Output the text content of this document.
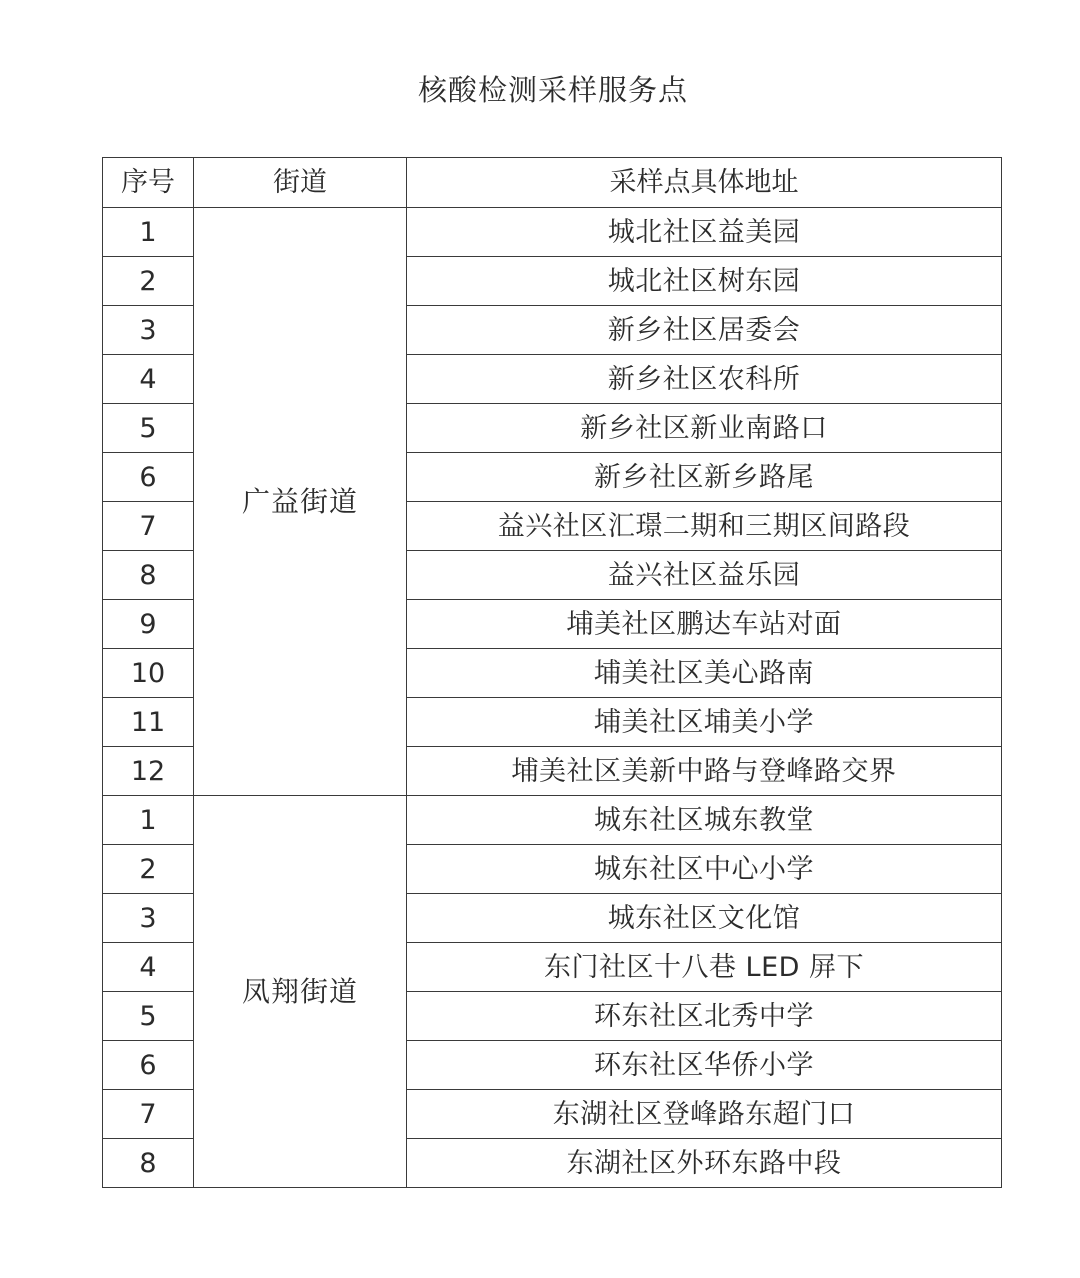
核酸检测采样服务点
序号	街道	采样点具体地址
1	广益街道	城北社区益美园
2		城北社区树东园
3		新乡社区居委会
4		新乡社区农科所
5		新乡社区新业南路口
6		新乡社区新乡路尾
7		益兴社区汇璟二期和三期区间路段
8		益兴社区益乐园
9		埔美社区鹏达车站对面
10		埔美社区美心路南
11		埔美社区埔美小学
12		埔美社区美新中路与登峰路交界
1	凤翔街道	城东社区城东教堂
2		城东社区中心小学
3		城东社区文化馆
4		东门社区十八巷 LED 屏下
5		环东社区北秀中学
6		环东社区华侨小学
7		东湖社区登峰路东超门口
8		东湖社区外环东路中段
